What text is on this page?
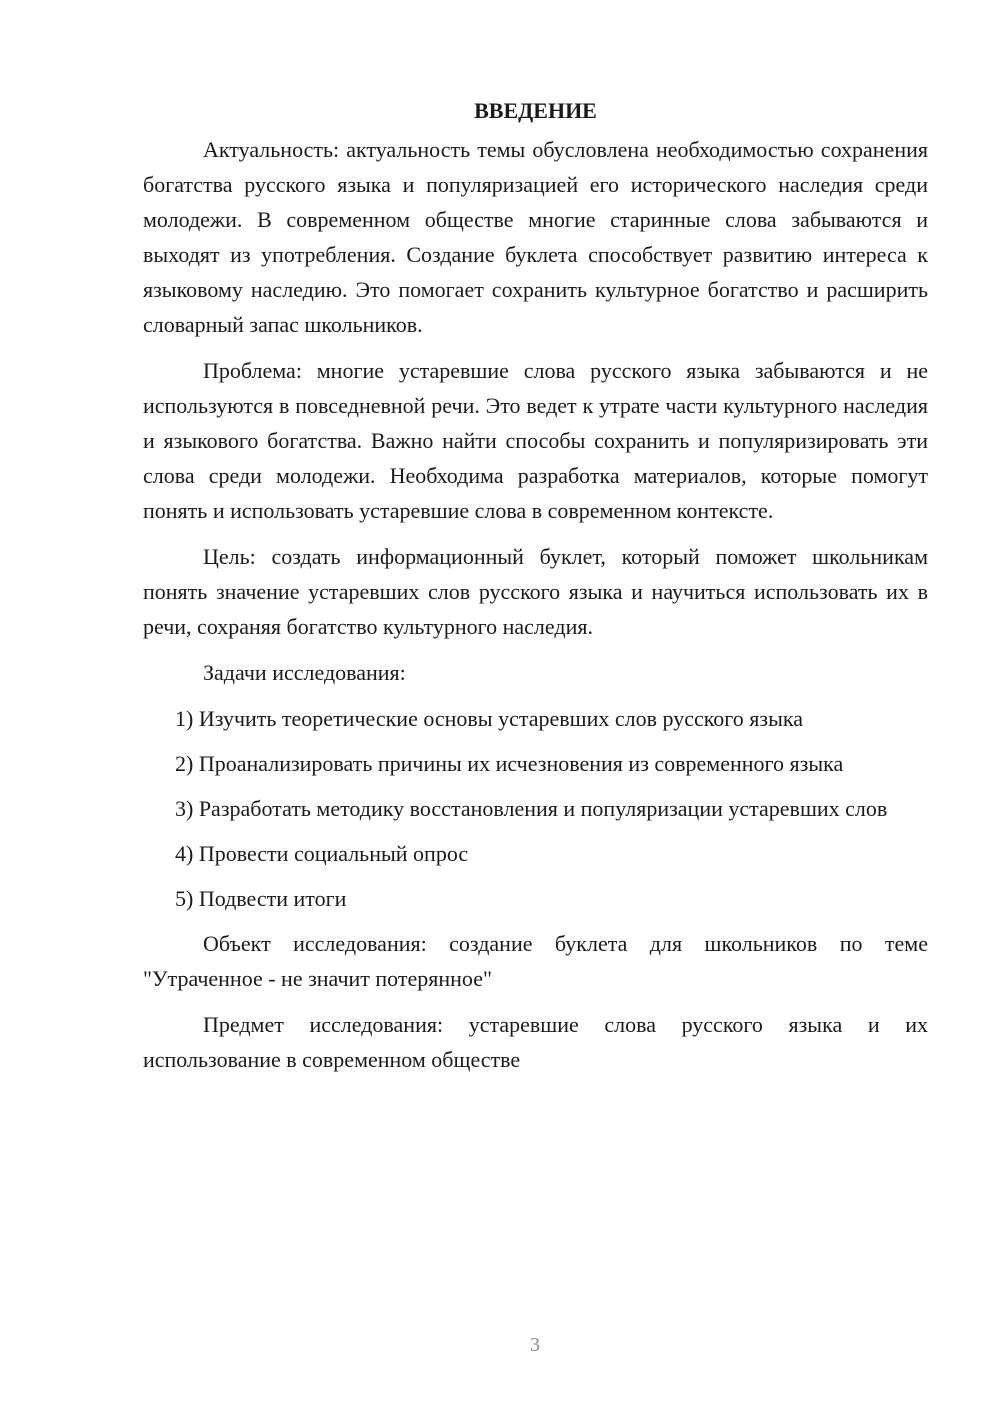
ВВЕДЕНИЕ

Актуальность: актуальность темы обусловлена необходимостью сохранения богатства русского языка и популяризацией его исторического наследия среди молодежи. В современном обществе многие старинные слова забываются и выходят из употребления. Создание буклета способствует развитию интереса к языковому наследию. Это помогает сохранить культурное богатство и расширить словарный запас школьников.

Проблема: многие устаревшие слова русского языка забываются и не используются в повседневной речи. Это ведет к утрате части культурного наследия и языкового богатства. Важно найти способы сохранить и популяризировать эти слова среди молодежи. Необходима разработка материалов, которые помогут понять и использовать устаревшие слова в современном контексте.

Цель: создать информационный буклет, который поможет школьникам понять значение устаревших слов русского языка и научиться использовать их в речи, сохраняя богатство культурного наследия.

Задачи исследования:

1) Изучить теоретические основы устаревших слов русского языка

2) Проанализировать причины их исчезновения из современного языка

3) Разработать методику восстановления и популяризации устаревших слов

4) Провести социальный опрос

5) Подвести итоги

Объект исследования: создание буклета для школьников по теме "Утраченное - не значит потерянное"

Предмет исследования: устаревшие слова русского языка и их использование в современном обществе

3
